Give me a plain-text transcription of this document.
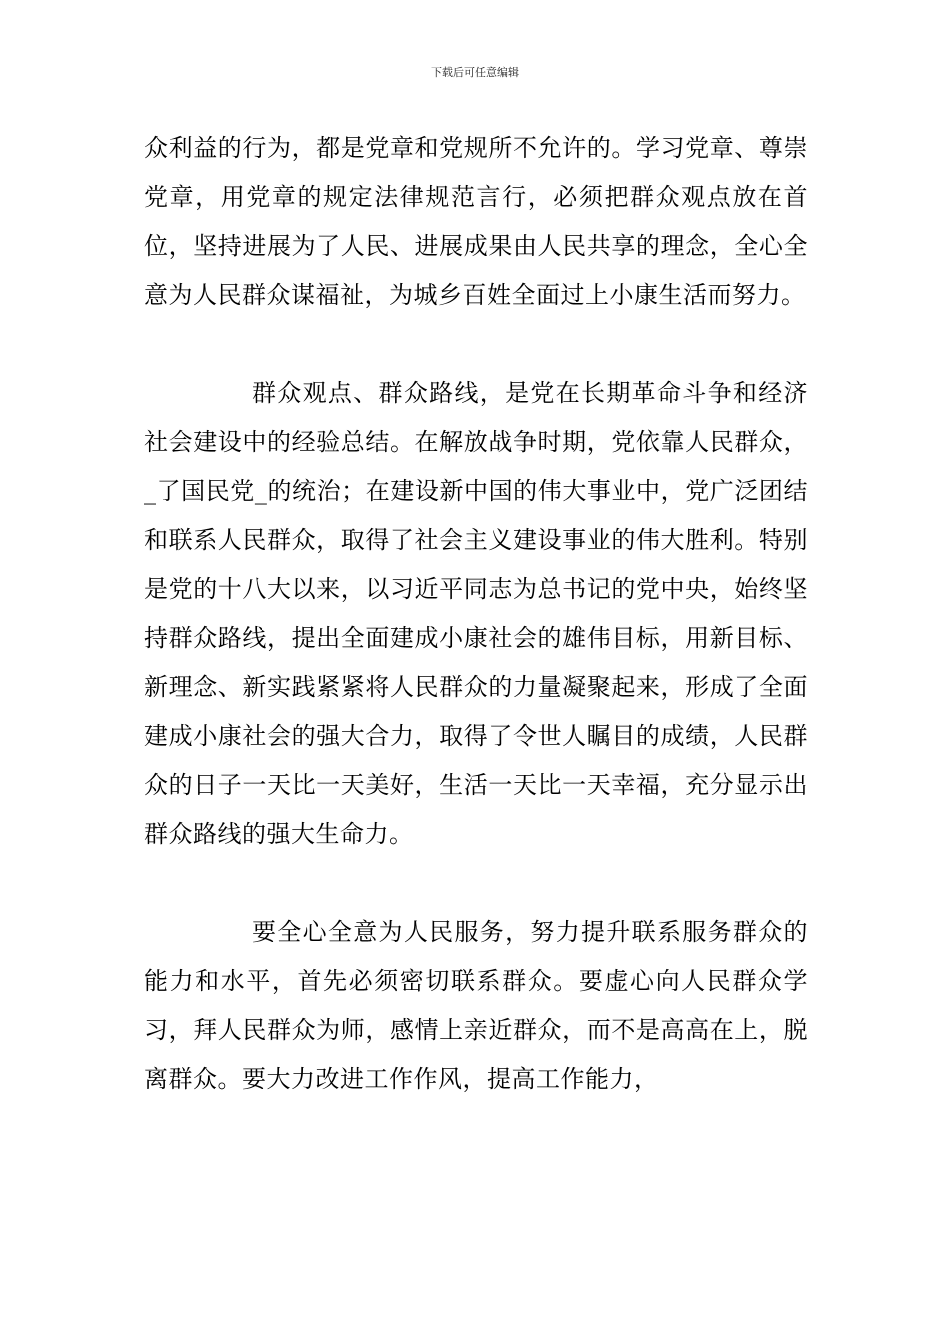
下载后可任意编辑

众利益的行为，都是党章和党规所不允许的。学习党章、尊崇党章，用党章的规定法律规范言行，必须把群众观点放在首位，坚持进展为了人民、进展成果由人民共享的理念，全心全意为人民群众谋福祉，为城乡百姓全面过上小康生活而努力。

群众观点、群众路线，是党在长期革命斗争和经济社会建设中的经验总结。在解放战争时期，党依靠人民群众，_了国民党_的统治；在建设新中国的伟大事业中，党广泛团结和联系人民群众，取得了社会主义建设事业的伟大胜利。特别是党的十八大以来，以习近平同志为总书记的党中央，始终坚持群众路线，提出全面建成小康社会的雄伟目标，用新目标、新理念、新实践紧紧将人民群众的力量凝聚起来，形成了全面建成小康社会的强大合力，取得了令世人瞩目的成绩，人民群众的日子一天比一天美好，生活一天比一天幸福，充分显示出群众路线的强大生命力。

要全心全意为人民服务，努力提升联系服务群众的能力和水平，首先必须密切联系群众。要虚心向人民群众学习，拜人民群众为师，感情上亲近群众，而不是高高在上，脱离群众。要大力改进工作作风，提高工作能力，
